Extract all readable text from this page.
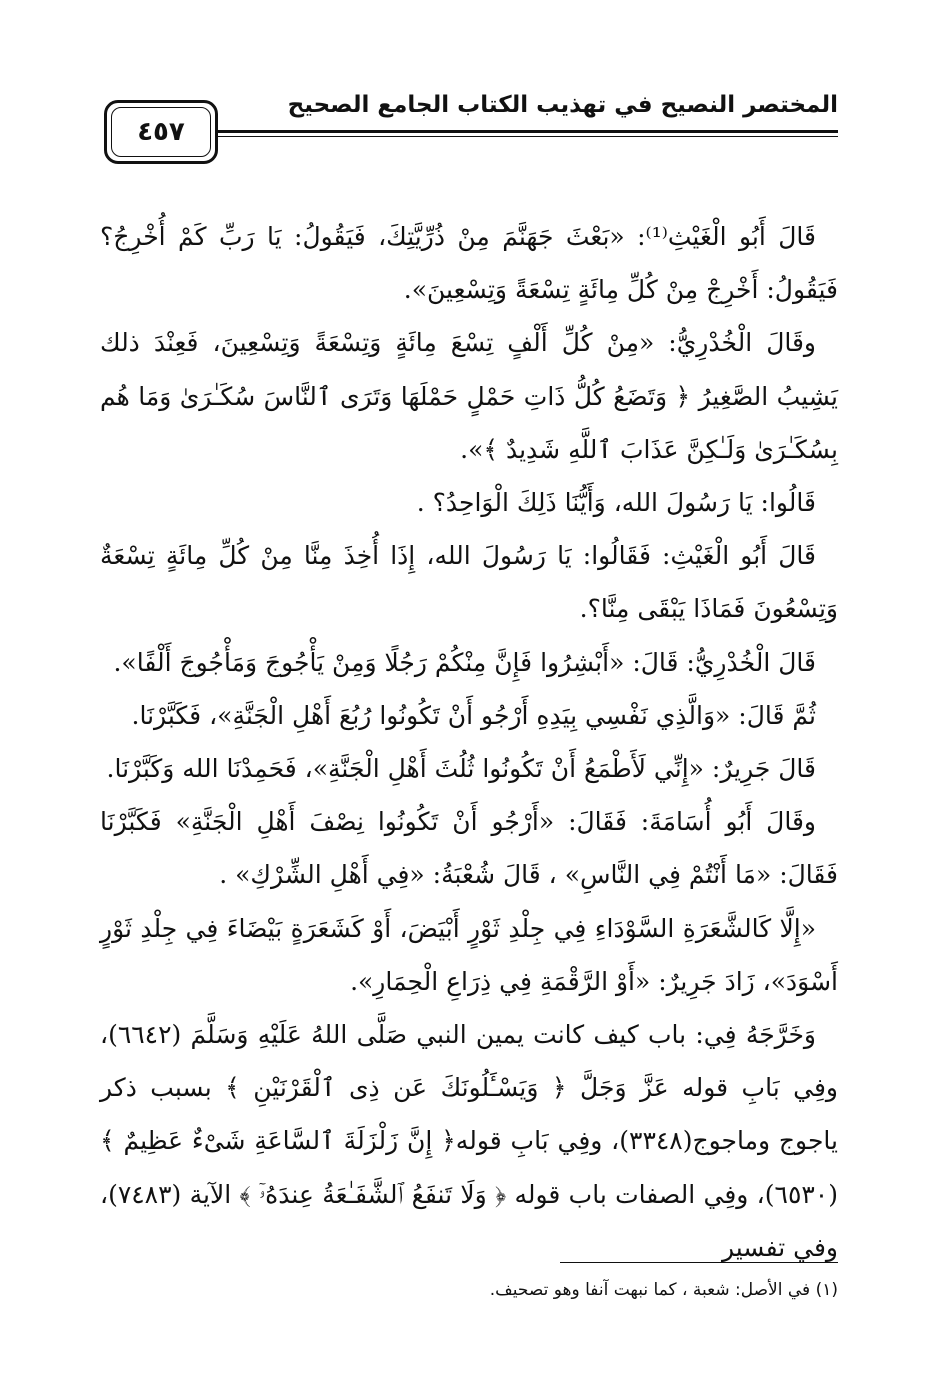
المختصر النصيح في تهذيب الكتاب الجامع الصحيح
٤٥٧

قَالَ أَبُو الْغَيْثِ⁽¹⁾: «بَعْثَ جَهَنَّمَ مِنْ ذُرِّيَّتِكَ، فَيَقُولُ: يَا رَبِّ كَمْ أُخْرِجُ؟ فَيَقُولُ: أَخْرِجْ مِنْ كُلِّ مِائَةٍ تِسْعَةً وَتِسْعِينَ».

وقَالَ الْخُدْرِيُّ: «مِنْ كُلِّ أَلْفٍ تِسْعَ مِائَةٍ وَتِسْعَةً وَتِسْعِينَ، فَعِنْدَ ذلك يَشِيبُ الصَّغِيرُ ﴿ وَتَضَعُ كُلُّ ذَاتِ حَمْلٍ حَمْلَهَا وَتَرَى ٱلنَّاسَ سُكَـٰرَىٰ وَمَا هُم بِسُكَـٰرَىٰ وَلَـٰكِنَّ عَذَابَ ٱللَّهِ شَدِيدٌ ﴾».

قَالُوا: يَا رَسُولَ الله، وَأَيُّنَا ذَلِكَ الْوَاحِدُ؟ .

قَالَ أَبُو الْغَيْثِ: فَقَالُوا: يَا رَسُولَ الله، إِذَا أُخِذَ مِنَّا مِنْ كُلِّ مِائَةٍ تِسْعَةٌ وَتِسْعُونَ فَمَاذَا يَبْقَى مِنَّا؟.

قَالَ الْخُدْرِيُّ: قَالَ: «أَبْشِرُوا فَإِنَّ مِنْكُمْ رَجُلًا وَمِنْ يَأْجُوجَ وَمَأْجُوجَ أَلْفًا».

ثُمَّ قَالَ: «وَالَّذِي نَفْسِي بِيَدِهِ أَرْجُو أَنْ تَكُونُوا رُبُعَ أَهْلِ الْجَنَّةِ»، فَكَبَّرْنَا.

قَالَ جَرِيرٌ: «إِنِّي لَأَطْمَعُ أَنْ تَكُونُوا ثُلُثَ أَهْلِ الْجَنَّةِ»، فَحَمِدْنَا الله وَكَبَّرْنَا.

وقَالَ أَبُو أُسَامَةَ: فَقَالَ: «أَرْجُو أَنْ تَكُونُوا نِصْفَ أَهْلِ الْجَنَّةِ» فَكَبَّرْنَا فَقَالَ: «مَا أَنْتُمْ فِي النَّاسِ» ، قَالَ شُعْبَةُ: «فِي أَهْلِ الشِّرْكِ» .

«إِلَّا كَالشَّعَرَةِ السَّوْدَاءِ فِي جِلْدِ ثَوْرٍ أَبْيَضَ، أَوْ كَشَعَرَةٍ بَيْضَاءَ فِي جِلْدِ ثَوْرٍ أَسْوَدَ»، زَادَ جَرِيرٌ: «أَوْ الرَّقْمَةِ فِي ذِرَاعِ الْحِمَارِ».

وَخَرَّجَهُ فِي: باب كيف كانت يمين النبي صَلَّى اللهُ عَلَيْهِ وَسَلَّمَ (٦٦٤٢)، وفِي بَابِ قوله عَزَّ وَجَلَّ ﴿ وَيَسْـَٔلُونَكَ عَن ذِى ٱلْقَرْنَيْنِ ﴾ بسبب ذكر ياجوج وماجوج(٣٣٤٨)، وفِي بَابِ قوله﴿ إِنَّ زَلْزَلَةَ ٱلسَّاعَةِ شَىْءٌ عَظِيمٌ ﴾(٦٥٣٠)، وفِي الصفات باب قوله ﴿ وَلَا تَنفَعُ ٱلشَّفَـٰعَةُ عِندَهُۥٓ ﴾ الآية (٧٤٨٣)، وفي تفسير

(١) في الأصل: شعبة ، كما نبهت آنفا وهو تصحيف.
